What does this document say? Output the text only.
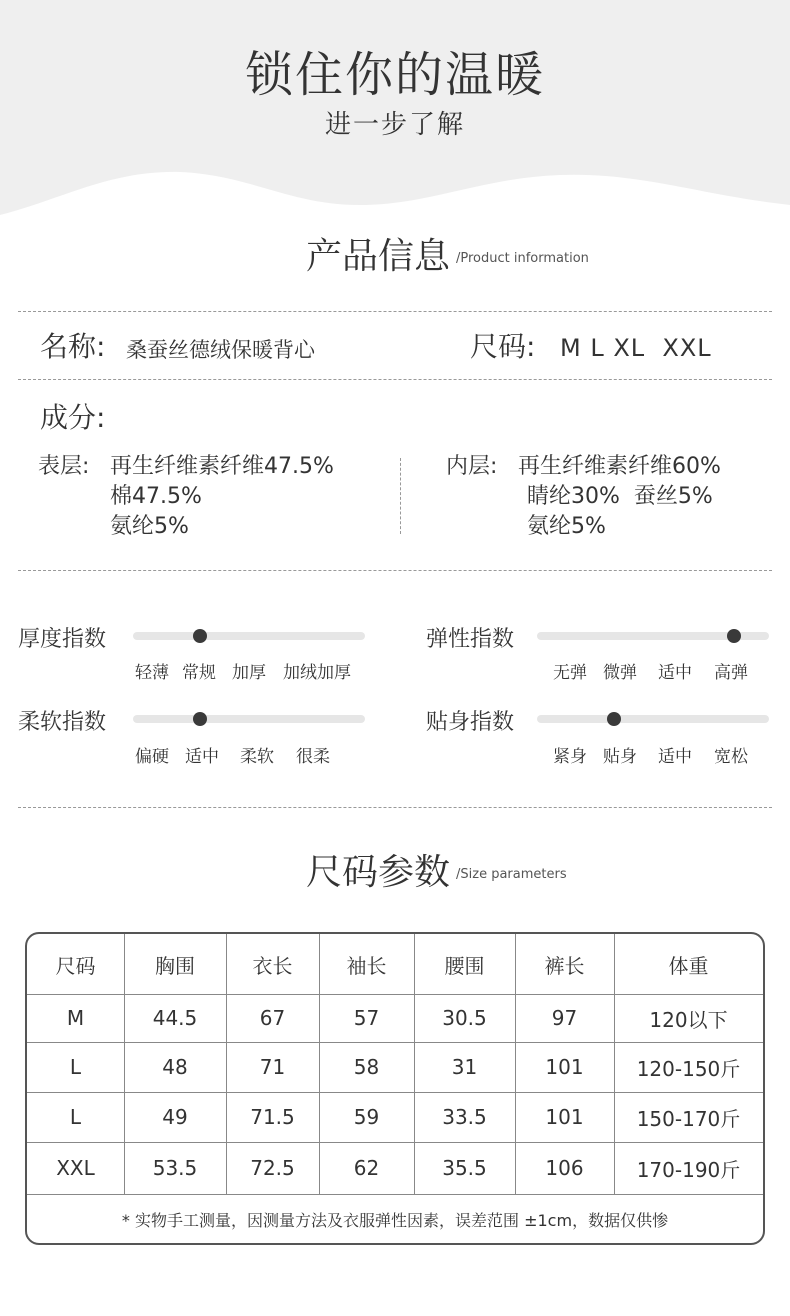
锁住你的温暖
进一步了解
产品信息 /Product information
名称: 桑蚕丝德绒保暖背心	尺码: M L XL  XXL
成分:
表层: 再生纤维素纤维47.5%
棉47.5%
氨纶5%
内层: 再生纤维素纤维60%
睛纶30%  蚕丝5%
氨纶5%
厚度指数
轻薄 常规 加厚 加绒加厚
弹性指数
无弹 微弹 适中 高弹
柔软指数
偏硬 适中 柔软 很柔
贴身指数
紧身 贴身 适中 宽松
尺码参数 /Size parameters
尺码	胸围	衣长	袖长	腰围	裤长	体重
M	44.5	67	57	30.5	97	120以下
L	48	71	58	31	101	120-150斤
L	49	71.5	59	33.5	101	150-170斤
XXL	53.5	72.5	62	35.5	106	170-190斤
* 实物手工测量，因测量方法及衣服弹性因素，误差范围 ±1cm，数据仅供惨
